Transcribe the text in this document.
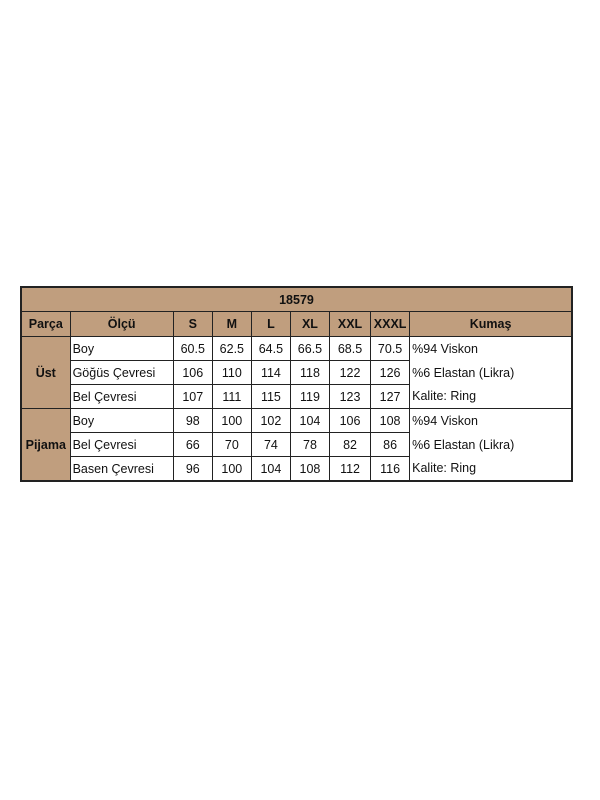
18579								
Parça	Ölçü	S	M	L	XL	XXL	XXXL	Kumaş
Üst	Boy	60.5	62.5	64.5	66.5	68.5	70.5	%94 Viskon
	Göğüs Çevresi	106	110	114	118	122	126	%6 Elastan (Likra)
	Bel Çevresi	107	111	115	119	123	127	Kalite: Ring
Pijama	Boy	98	100	102	104	106	108	%94 Viskon
	Bel Çevresi	66	70	74	78	82	86	%6 Elastan (Likra)
	Basen Çevresi	96	100	104	108	112	116	Kalite: Ring
